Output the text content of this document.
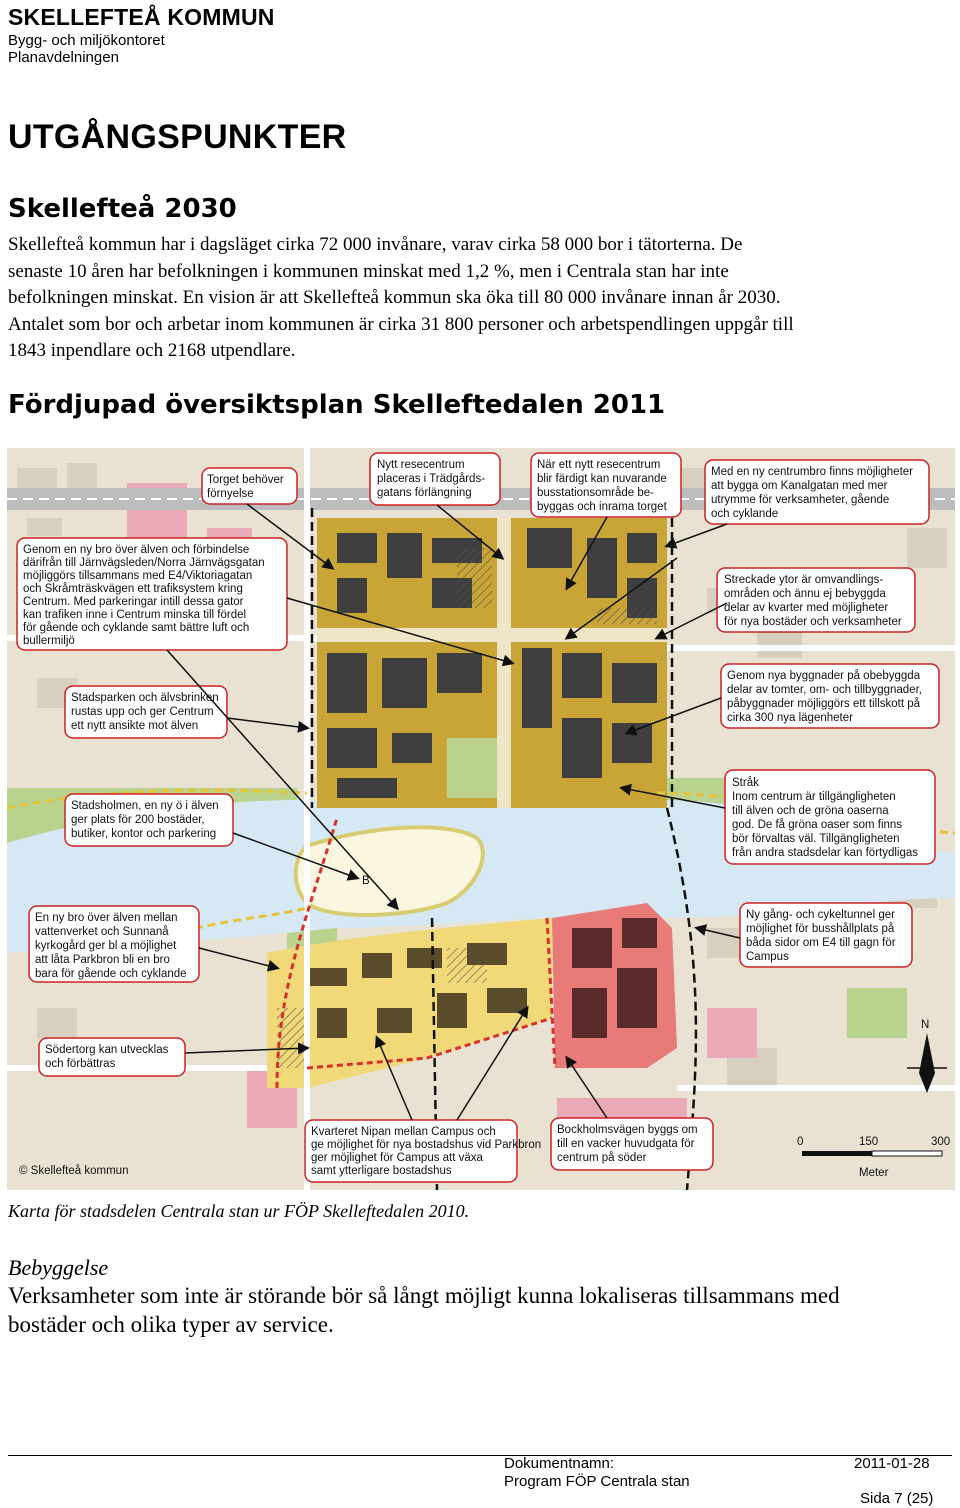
SKELLEFTEÅ KOMMUN
Bygg- och miljökontoret
Planavdelningen
UTGÅNGSPUNKTER
Skellefteå 2030

Skellefteå kommun har i dagsläget cirka 72 000 invånare, varav cirka 58 000 bor i tätorterna. De

senaste 10 åren har befolkningen i kommunen minskat med 1,2 %, men i Centrala stan har inte

befolkningen minskat. En vision är att Skellefteå kommun ska öka till 80 000 invånare innan år 2030.

Antalet som bor och arbetar inom kommunen är cirka 31 800 personer och arbetspendlingen uppgår till

1843 inpendlare och 2168 utpendlare.

Fördjupad översiktsplan Skelleftedalen 2011
B
Torget behöver
förnyelse
Nytt resecentrum
placeras i Trädgårds-
gatans förlängning
När ett nytt resecentrum
blir färdigt kan nuvarande
busstationsområde be-
byggas och inrama torget
Med en ny centrumbro finns möjligheter
att bygga om Kanalgatan med mer
utrymme för verksamheter, gående
och cyklande
Genom en ny bro över älven och förbindelse
därifrån till Järnvägsleden/Norra Järnvägsgatan
möjliggörs tillsammans med E4/Viktoriagatan
och Skråmträskvägen ett trafiksystem kring
Centrum. Med parkeringar intill dessa gator
kan trafiken inne i Centrum minska till fördel
för gående och cyklande samt bättre luft och
bullermiljö
Streckade ytor är omvandlings-
områden och ännu ej bebyggda
delar av kvarter med möjligheter
för nya bostäder och verksamheter
Genom nya byggnader på obebyggda
delar av tomter, om- och tillbyggnader,
påbyggnader möjliggörs ett tillskott på
cirka 300 nya lägenheter
Stadsparken och älvsbrinken
rustas upp och ger Centrum
ett nytt ansikte mot älven
Stråk
Inom centrum är tillgängligheten
till älven och de gröna oaserna
god. De få gröna oaser som finns
bör förvaltas väl. Tillgängligheten
från andra stadsdelar kan förtydligas
Stadsholmen, en ny ö i älven
ger plats för 200 bostäder,
butiker, kontor och parkering
En ny bro över älven mellan
vattenverket och Sunnanå
kyrkogård ger bl a möjlighet
att låta Parkbron bli en bro
bara för gående och cyklande
Ny gång- och cykeltunnel ger
möjlighet för busshållplats på
båda sidor om E4 till gagn för
Campus
Södertorg kan utvecklas
och förbättras
Kvarteret Nipan mellan Campus och
ge möjlighet för nya bostadshus vid Parkbron
ger möjlighet för Campus att växa
samt ytterligare bostadshus
Bockholmsvägen byggs om
till en vacker huvudgata för
centrum på söder
© Skellefteå kommun
0	150	300
Meter
N
Karta för stadsdelen Centrala stan ur FÖP Skelleftedalen 2010.
Bebyggelse

Verksamheter som inte är störande bör så långt möjligt kunna lokaliseras tillsammans med

bostäder och olika typer av service.

Dokumentnamn:
Program FÖP Centrala stan
2011-01-28
Sida 7 (25)
